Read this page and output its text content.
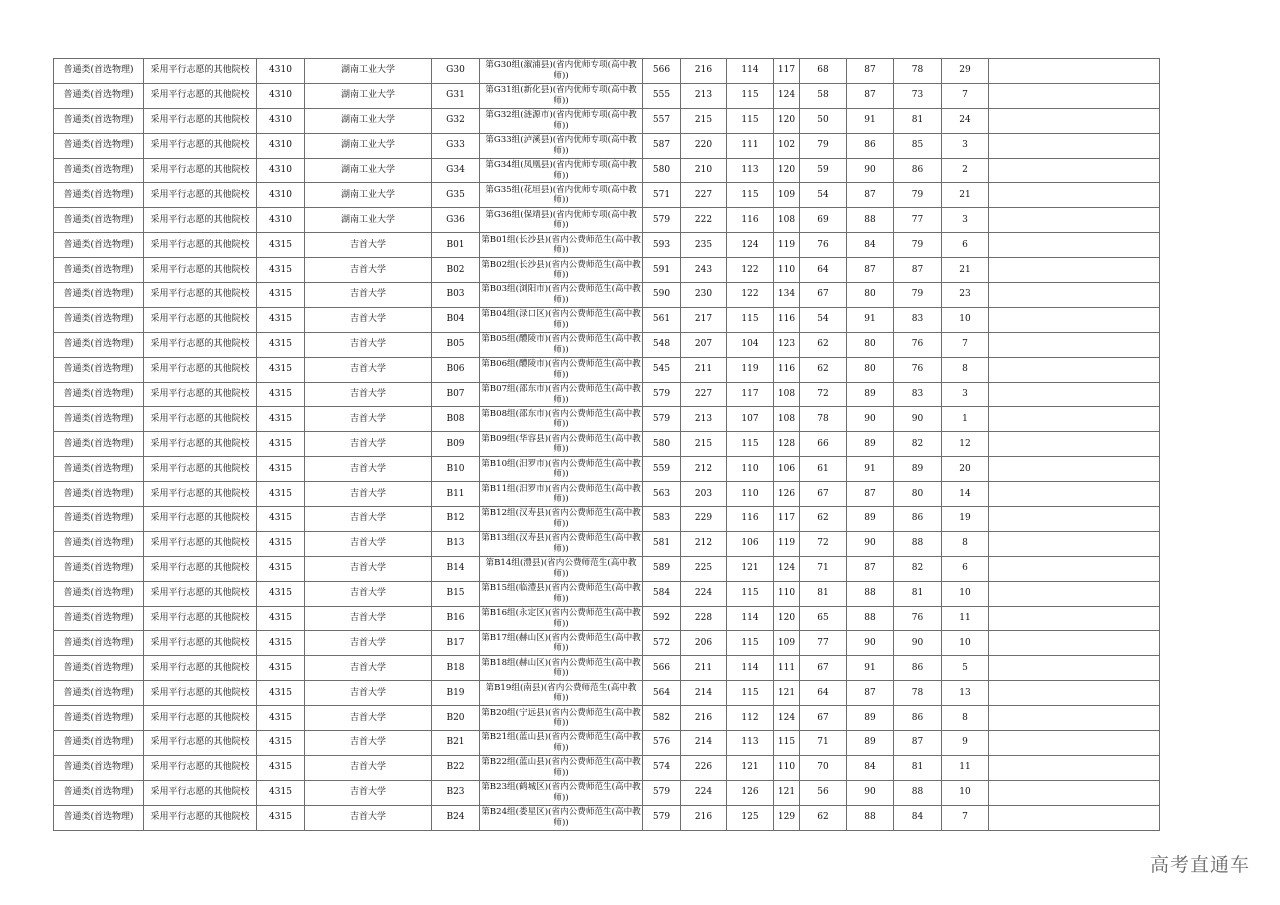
普通类(首选物理)	采用平行志愿的其他院校	4310	湖南工业大学	G30	第G30组(溆浦县)(省内优师专项(高中教师))	566	216	114	117	68	87	78	29	
普通类(首选物理)	采用平行志愿的其他院校	4310	湖南工业大学	G31	第G31组(新化县)(省内优师专项(高中教师))	555	213	115	124	58	87	73	7	
普通类(首选物理)	采用平行志愿的其他院校	4310	湖南工业大学	G32	第G32组(涟源市)(省内优师专项(高中教师))	557	215	115	120	50	91	81	24	
普通类(首选物理)	采用平行志愿的其他院校	4310	湖南工业大学	G33	第G33组(泸溪县)(省内优师专项(高中教师))	587	220	111	102	79	86	85	3	
普通类(首选物理)	采用平行志愿的其他院校	4310	湖南工业大学	G34	第G34组(凤凰县)(省内优师专项(高中教师))	580	210	113	120	59	90	86	2	
普通类(首选物理)	采用平行志愿的其他院校	4310	湖南工业大学	G35	第G35组(花垣县)(省内优师专项(高中教师))	571	227	115	109	54	87	79	21	
普通类(首选物理)	采用平行志愿的其他院校	4310	湖南工业大学	G36	第G36组(保靖县)(省内优师专项(高中教师))	579	222	116	108	69	88	77	3	
普通类(首选物理)	采用平行志愿的其他院校	4315	吉首大学	B01	第B01组(长沙县)(省内公费师范生(高中教师))	593	235	124	119	76	84	79	6	
普通类(首选物理)	采用平行志愿的其他院校	4315	吉首大学	B02	第B02组(长沙县)(省内公费师范生(高中教师))	591	243	122	110	64	87	87	21	
普通类(首选物理)	采用平行志愿的其他院校	4315	吉首大学	B03	第B03组(浏阳市)(省内公费师范生(高中教师))	590	230	122	134	67	80	79	23	
普通类(首选物理)	采用平行志愿的其他院校	4315	吉首大学	B04	第B04组(渌口区)(省内公费师范生(高中教师))	561	217	115	116	54	91	83	10	
普通类(首选物理)	采用平行志愿的其他院校	4315	吉首大学	B05	第B05组(醴陵市)(省内公费师范生(高中教师))	548	207	104	123	62	80	76	7	
普通类(首选物理)	采用平行志愿的其他院校	4315	吉首大学	B06	第B06组(醴陵市)(省内公费师范生(高中教师))	545	211	119	116	62	80	76	8	
普通类(首选物理)	采用平行志愿的其他院校	4315	吉首大学	B07	第B07组(邵东市)(省内公费师范生(高中教师))	579	227	117	108	72	89	83	3	
普通类(首选物理)	采用平行志愿的其他院校	4315	吉首大学	B08	第B08组(邵东市)(省内公费师范生(高中教师))	579	213	107	108	78	90	90	1	
普通类(首选物理)	采用平行志愿的其他院校	4315	吉首大学	B09	第B09组(华容县)(省内公费师范生(高中教师))	580	215	115	128	66	89	82	12	
普通类(首选物理)	采用平行志愿的其他院校	4315	吉首大学	B10	第B10组(汨罗市)(省内公费师范生(高中教师))	559	212	110	106	61	91	89	20	
普通类(首选物理)	采用平行志愿的其他院校	4315	吉首大学	B11	第B11组(汨罗市)(省内公费师范生(高中教师))	563	203	110	126	67	87	80	14	
普通类(首选物理)	采用平行志愿的其他院校	4315	吉首大学	B12	第B12组(汉寿县)(省内公费师范生(高中教师))	583	229	116	117	62	89	86	19	
普通类(首选物理)	采用平行志愿的其他院校	4315	吉首大学	B13	第B13组(汉寿县)(省内公费师范生(高中教师))	581	212	106	119	72	90	88	8	
普通类(首选物理)	采用平行志愿的其他院校	4315	吉首大学	B14	第B14组(澧县)(省内公费师范生(高中教师))	589	225	121	124	71	87	82	6	
普通类(首选物理)	采用平行志愿的其他院校	4315	吉首大学	B15	第B15组(临澧县)(省内公费师范生(高中教师))	584	224	115	110	81	88	81	10	
普通类(首选物理)	采用平行志愿的其他院校	4315	吉首大学	B16	第B16组(永定区)(省内公费师范生(高中教师))	592	228	114	120	65	88	76	11	
普通类(首选物理)	采用平行志愿的其他院校	4315	吉首大学	B17	第B17组(赫山区)(省内公费师范生(高中教师))	572	206	115	109	77	90	90	10	
普通类(首选物理)	采用平行志愿的其他院校	4315	吉首大学	B18	第B18组(赫山区)(省内公费师范生(高中教师))	566	211	114	111	67	91	86	5	
普通类(首选物理)	采用平行志愿的其他院校	4315	吉首大学	B19	第B19组(南县)(省内公费师范生(高中教师))	564	214	115	121	64	87	78	13	
普通类(首选物理)	采用平行志愿的其他院校	4315	吉首大学	B20	第B20组(宁远县)(省内公费师范生(高中教师))	582	216	112	124	67	89	86	8	
普通类(首选物理)	采用平行志愿的其他院校	4315	吉首大学	B21	第B21组(蓝山县)(省内公费师范生(高中教师))	576	214	113	115	71	89	87	9	
普通类(首选物理)	采用平行志愿的其他院校	4315	吉首大学	B22	第B22组(蓝山县)(省内公费师范生(高中教师))	574	226	121	110	70	84	81	11	
普通类(首选物理)	采用平行志愿的其他院校	4315	吉首大学	B23	第B23组(鹤城区)(省内公费师范生(高中教师))	579	224	126	121	56	90	88	10	
普通类(首选物理)	采用平行志愿的其他院校	4315	吉首大学	B24	第B24组(娄星区)(省内公费师范生(高中教师))	579	216	125	129	62	88	84	7	
高考直通车
